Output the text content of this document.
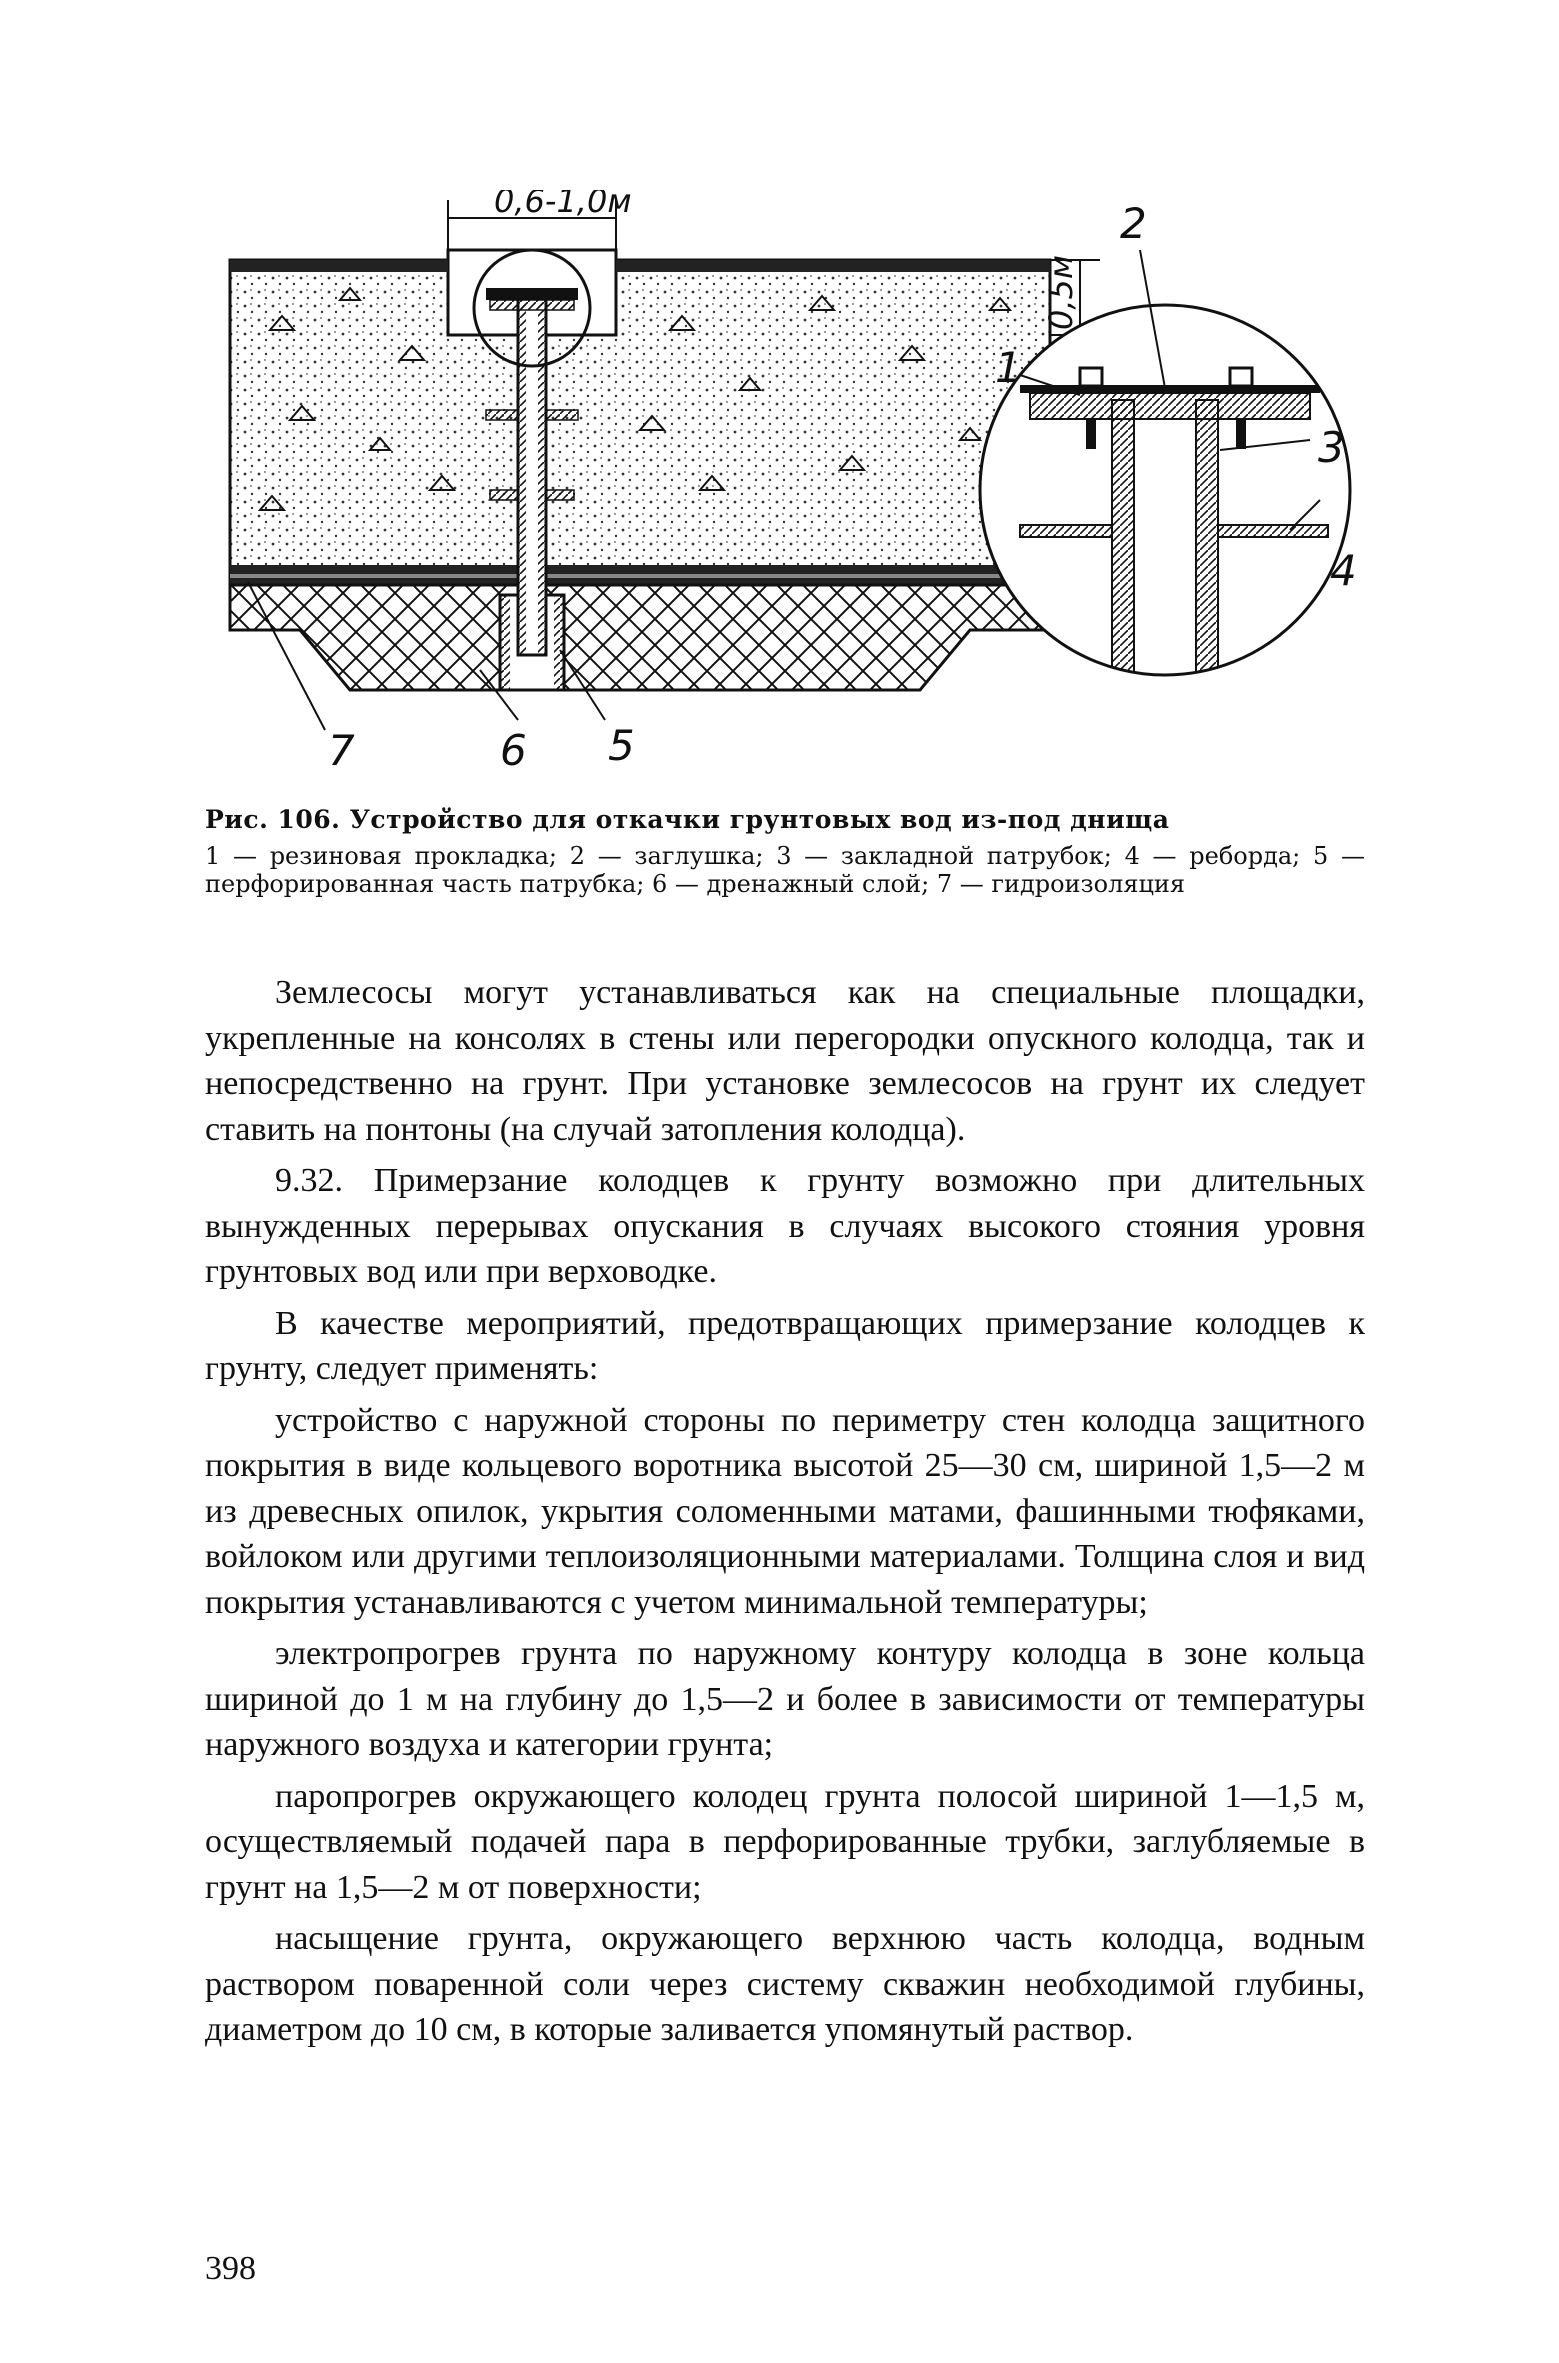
0,6-1,0м
0,5м
7	6 5
2
1
3
4
Рис. 106. Устройство для откачки грунтовых вод из-под днища
1 — резиновая прокладка; 2 — заглушка; 3 — закладной патрубок; 4 — реборда; 5 — перфорированная часть патрубка; 6 — дренажный слой; 7 — гидроизоляция

Землесосы могут устанавливаться как на специальные площадки, укрепленные на консолях в стены или перегородки опускного колодца, так и непосредственно на грунт. При установке землесосов на грунт их следует ставить на понтоны (на случай затопления колодца).

9.32. Примерзание колодцев к грунту возможно при длительных вынужденных перерывах опускания в случаях высокого стояния уровня грунтовых вод или при верховодке.

В качестве мероприятий, предотвращающих примерзание колодцев к грунту, следует применять:

устройство с наружной стороны по периметру стен колодца защитного покрытия в виде кольцевого воротника высотой 25—30 см, шириной 1,5—2 м из древесных опилок, укрытия соломенными матами, фашинными тюфяками, войлоком или другими теплоизоляционными материалами. Толщина слоя и вид покрытия устанавливаются с учетом минимальной температуры;

электропрогрев грунта по наружному контуру колодца в зоне кольца шириной до 1 м на глубину до 1,5—2 и более в зависимости от температуры наружного воздуха и категории грунта;

паропрогрев окружающего колодец грунта полосой шириной 1—1,5 м, осуществляемый подачей пара в перфорированные трубки, заглубляемые в грунт на 1,5—2 м от поверхности;

насыщение грунта, окружающего верхнюю часть колодца, водным раствором поваренной соли через систему скважин необходимой глубины, диаметром до 10 см, в которые заливается упомянутый раствор.

398
